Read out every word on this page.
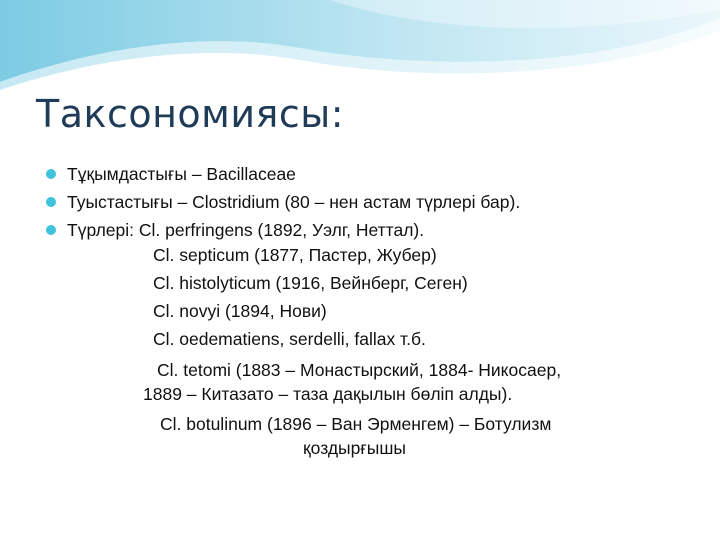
Таксономиясы:
Тұқымдастығы – Bacillaceae
Туыстастығы – Clostridium (80 – нен астам түрлері бар).
Түрлері: Cl. perfringens (1892, Уэлг, Неттал).
Cl. septicum (1877, Пастер, Жубер)
Cl. histolyticum (1916, Вейнберг, Сеген)
Cl. novyi (1894, Нови)
Cl. oedematiens, serdelli, fallax т.б.
Cl. tetomi (1883 – Монастырский, 1884- Никосаер,
1889 – Китазато – таза дақылын бөліп алды).
Cl. botulinum (1896 – Ван Эрменгем) – Ботулизм
қоздырғышы
